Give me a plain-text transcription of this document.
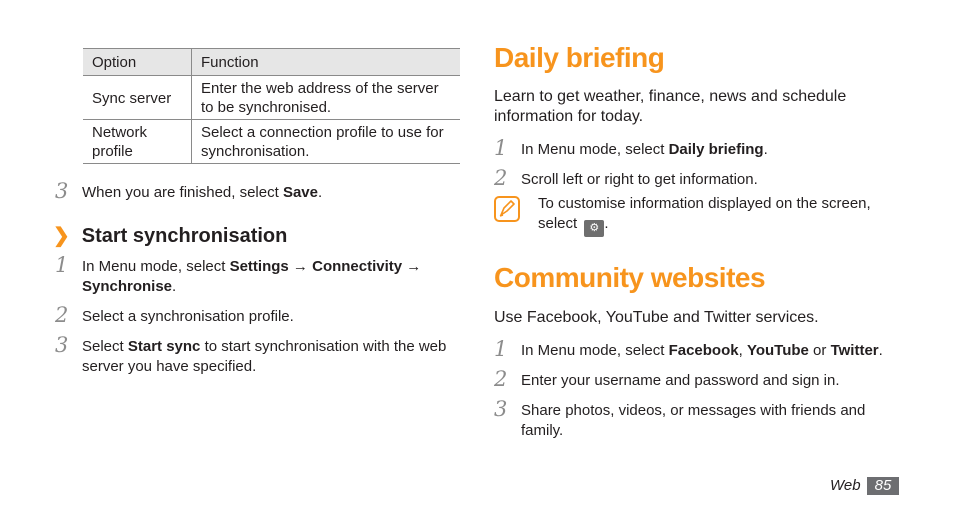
Option	Function
Sync server	Enter the web address of the server to be synchronised.
Network profile	Select a connection profile to use for synchronisation.
3 When you are finished, select Save.
❯ Start synchronisation
1 In Menu mode, select Settings → Connectivity →
Synchronise.
2 Select a synchronisation profile.
3 Select Start sync to start synchronisation with the web server you have specified.
Daily briefing
Learn to get weather, finance, news and schedule information for today.
1 In Menu mode, select Daily briefing.
2 Scroll left or right to get information.
To customise information displayed on the screen, select ⚙ .
Community websites
Use Facebook, YouTube and Twitter services.
1 In Menu mode, select Facebook, YouTube or Twitter.
2 Enter your username and password and sign in.
3 Share photos, videos, or messages with friends and family.
Web 85
